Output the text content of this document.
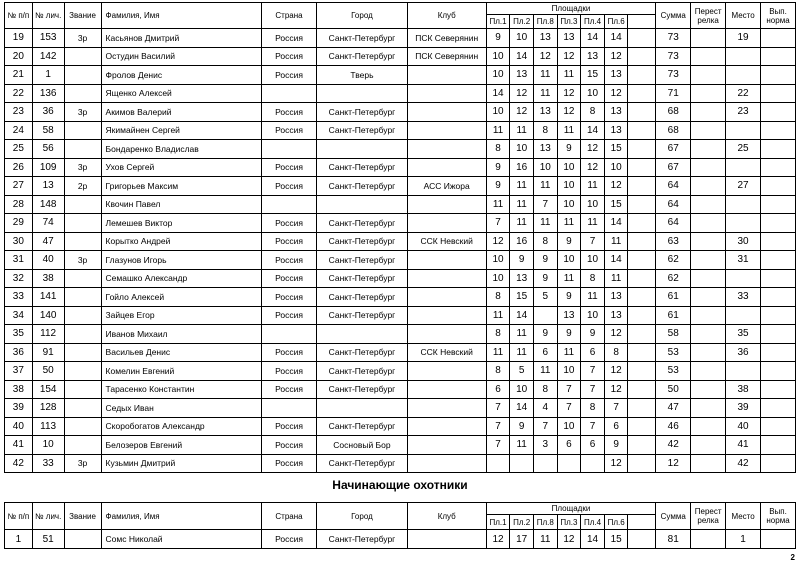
№ п/п	№ лич.	Звание	Фамилия, Имя	Страна	Город	Клуб	Площадки							Сумма	Перест релка	Место	Вып. норма
							Пл.1	Пл.2	Пл.8	Пл.3	Пл.4	Пл.6					
19	153	3р	Касьянов Дмитрий	Россия	Санкт-Петербург	ПСК Северянин	9	10	13	13	14	14		73		19	
20	142		Остудин Василий	Россия	Санкт-Петербург	ПСК Северянин	10	14	12	12	13	12		73			
21	1		Фролов Денис	Россия	Тверь		10	13	11	11	15	13		73			
22	136		Ященко Алексей				14	12	11	12	10	12		71		22	
23	36	3р	Акимов Валерий	Россия	Санкт-Петербург		10	12	13	12	8	13		68		23	
24	58		Якимайнен Сергей	Россия	Санкт-Петербург		11	11	8	11	14	13		68			
25	56		Бондаренко Владислав				8	10	13	9	12	15		67		25	
26	109	3р	Ухов Сергей	Россия	Санкт-Петербург		9	16	10	10	12	10		67			
27	13	2р	Григорьев Максим	Россия	Санкт-Петербург	АСС Ижора	9	11	11	10	11	12		64		27	
28	148		Квочин Павел				11	11	7	10	10	15		64			
29	74		Лемешев Виктор	Россия	Санкт-Петербург		7	11	11	11	11	14		64			
30	47		Корытко Андрей	Россия	Санкт-Петербург	ССК Невский	12	16	8	9	7	11		63		30	
31	40	3р	Глазунов Игорь	Россия	Санкт-Петербург		10	9	9	10	10	14		62		31	
32	38		Семашко Александр	Россия	Санкт-Петербург		10	13	9	11	8	11		62			
33	141		Гойло Алексей	Россия	Санкт-Петербург		8	15	5	9	11	13		61		33	
34	140		Зайцев Егор	Россия	Санкт-Петербург		11	14		13	10	13		61			
35	112		Иванов Михаил				8	11	9	9	9	12		58		35	
36	91		Васильев Денис	Россия	Санкт-Петербург	ССК Невский	11	11	6	11	6	8		53		36	
37	50		Комелин Евгений	Россия	Санкт-Петербург		8	5	11	10	7	12		53			
38	154		Тарасенко Константин	Россия	Санкт-Петербург		6	10	8	7	7	12		50		38	
39	128		Седых Иван				7	14	4	7	8	7		47		39	
40	113		Скоробогатов Александр	Россия	Санкт-Петербург		7	9	7	10	7	6		46		40	
41	10		Белозеров Евгений	Россия	Сосновый Бор		7	11	3	6	6	9		42		41	
42	33	3р	Кузьмин Дмитрий	Россия	Санкт-Петербург							12		12		42	
Начинающие охотники
№ п/п	№ лич.	Звание	Фамилия, Имя	Страна	Город	Клуб	Площадки							Сумма	Перест релка	Место	Вып. норма
							Пл.1	Пл.2	Пл.8	Пл.3	Пл.4	Пл.6					
1	51		Сомс Николай	Россия	Санкт-Петербург		12	17	11	12	14	15		81		1	
2
